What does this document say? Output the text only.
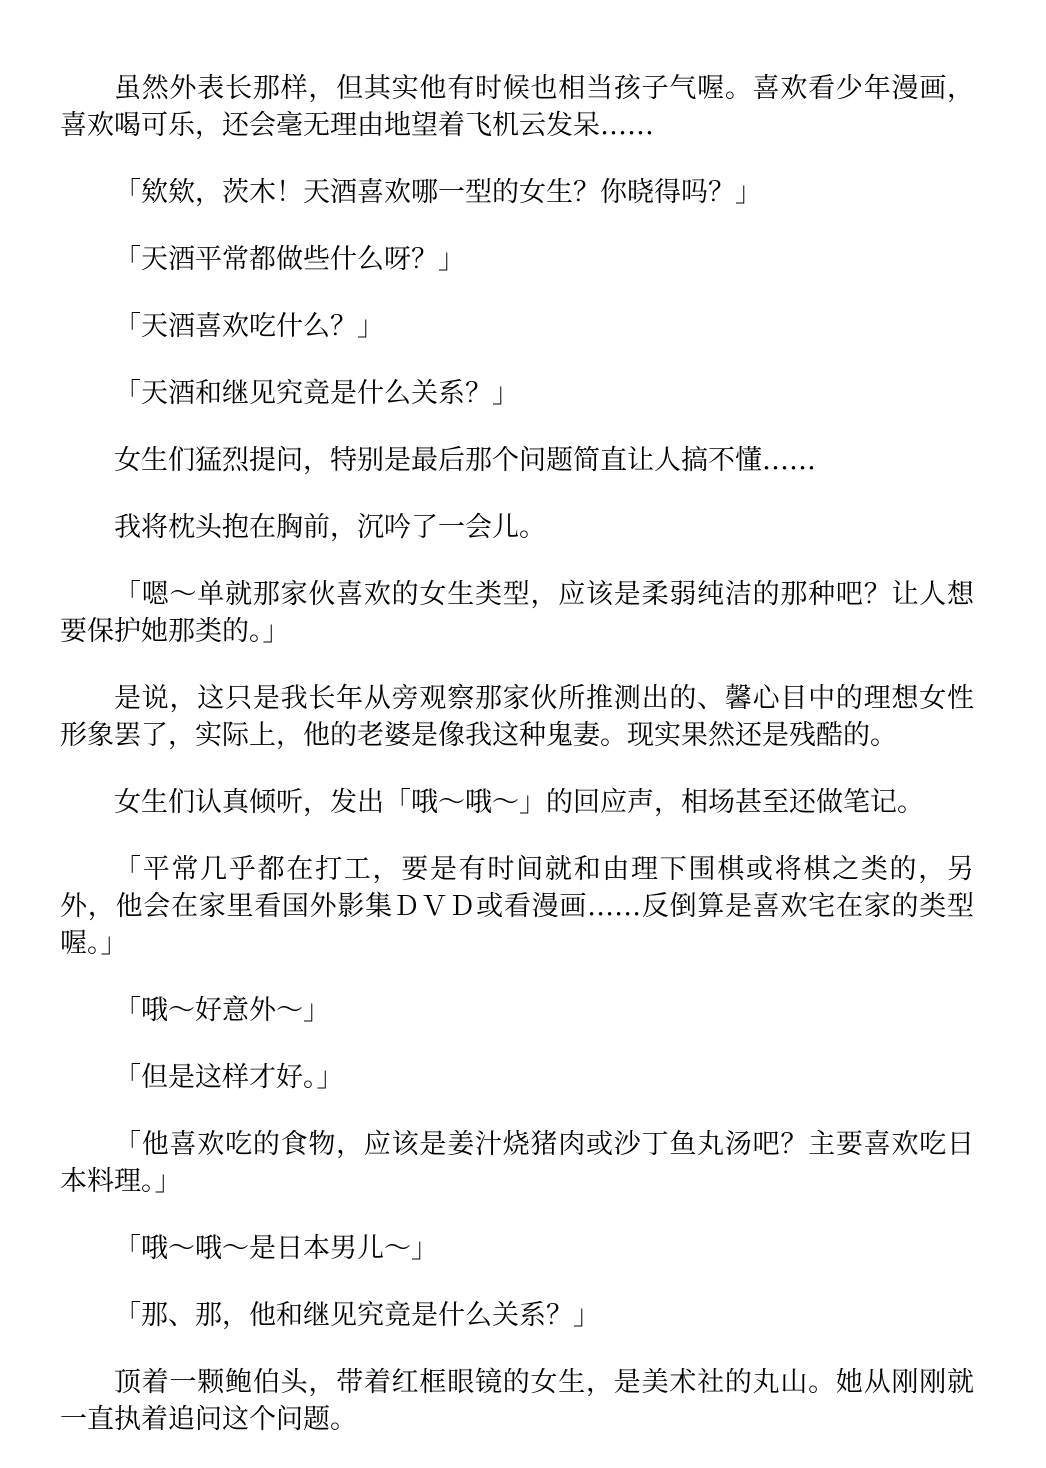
虽然外表长那样，但其实他有时候也相当孩子气喔。喜欢看少年漫画，喜欢喝可乐，还会毫无理由地望着飞机云发呆……

「欸欸，茨木！天酒喜欢哪一型的女生？你晓得吗？」

「天酒平常都做些什么呀？」

「天酒喜欢吃什么？」

「天酒和继见究竟是什么关系？」

女生们猛烈提问，特别是最后那个问题简直让人搞不懂……

我将枕头抱在胸前，沉吟了一会儿。

「嗯～单就那家伙喜欢的女生类型，应该是柔弱纯洁的那种吧？让人想要保护她那类的。」

是说，这只是我长年从旁观察那家伙所推测出的、馨心目中的理想女性形象罢了，实际上，他的老婆是像我这种鬼妻。现实果然还是残酷的。

女生们认真倾听，发出「哦～哦～」的回应声，相场甚至还做笔记。

「平常几乎都在打工，要是有时间就和由理下围棋或将棋之类的，另外，他会在家里看国外影集ＤＶＤ或看漫画……反倒算是喜欢宅在家的类型喔。」

「哦～好意外～」

「但是这样才好。」

「他喜欢吃的食物，应该是姜汁烧猪肉或沙丁鱼丸汤吧？主要喜欢吃日本料理。」

「哦～哦～是日本男儿～」

「那、那，他和继见究竟是什么关系？」

顶着一颗鲍伯头，带着红框眼镜的女生，是美术社的丸山。她从刚刚就一直执着追问这个问题。
